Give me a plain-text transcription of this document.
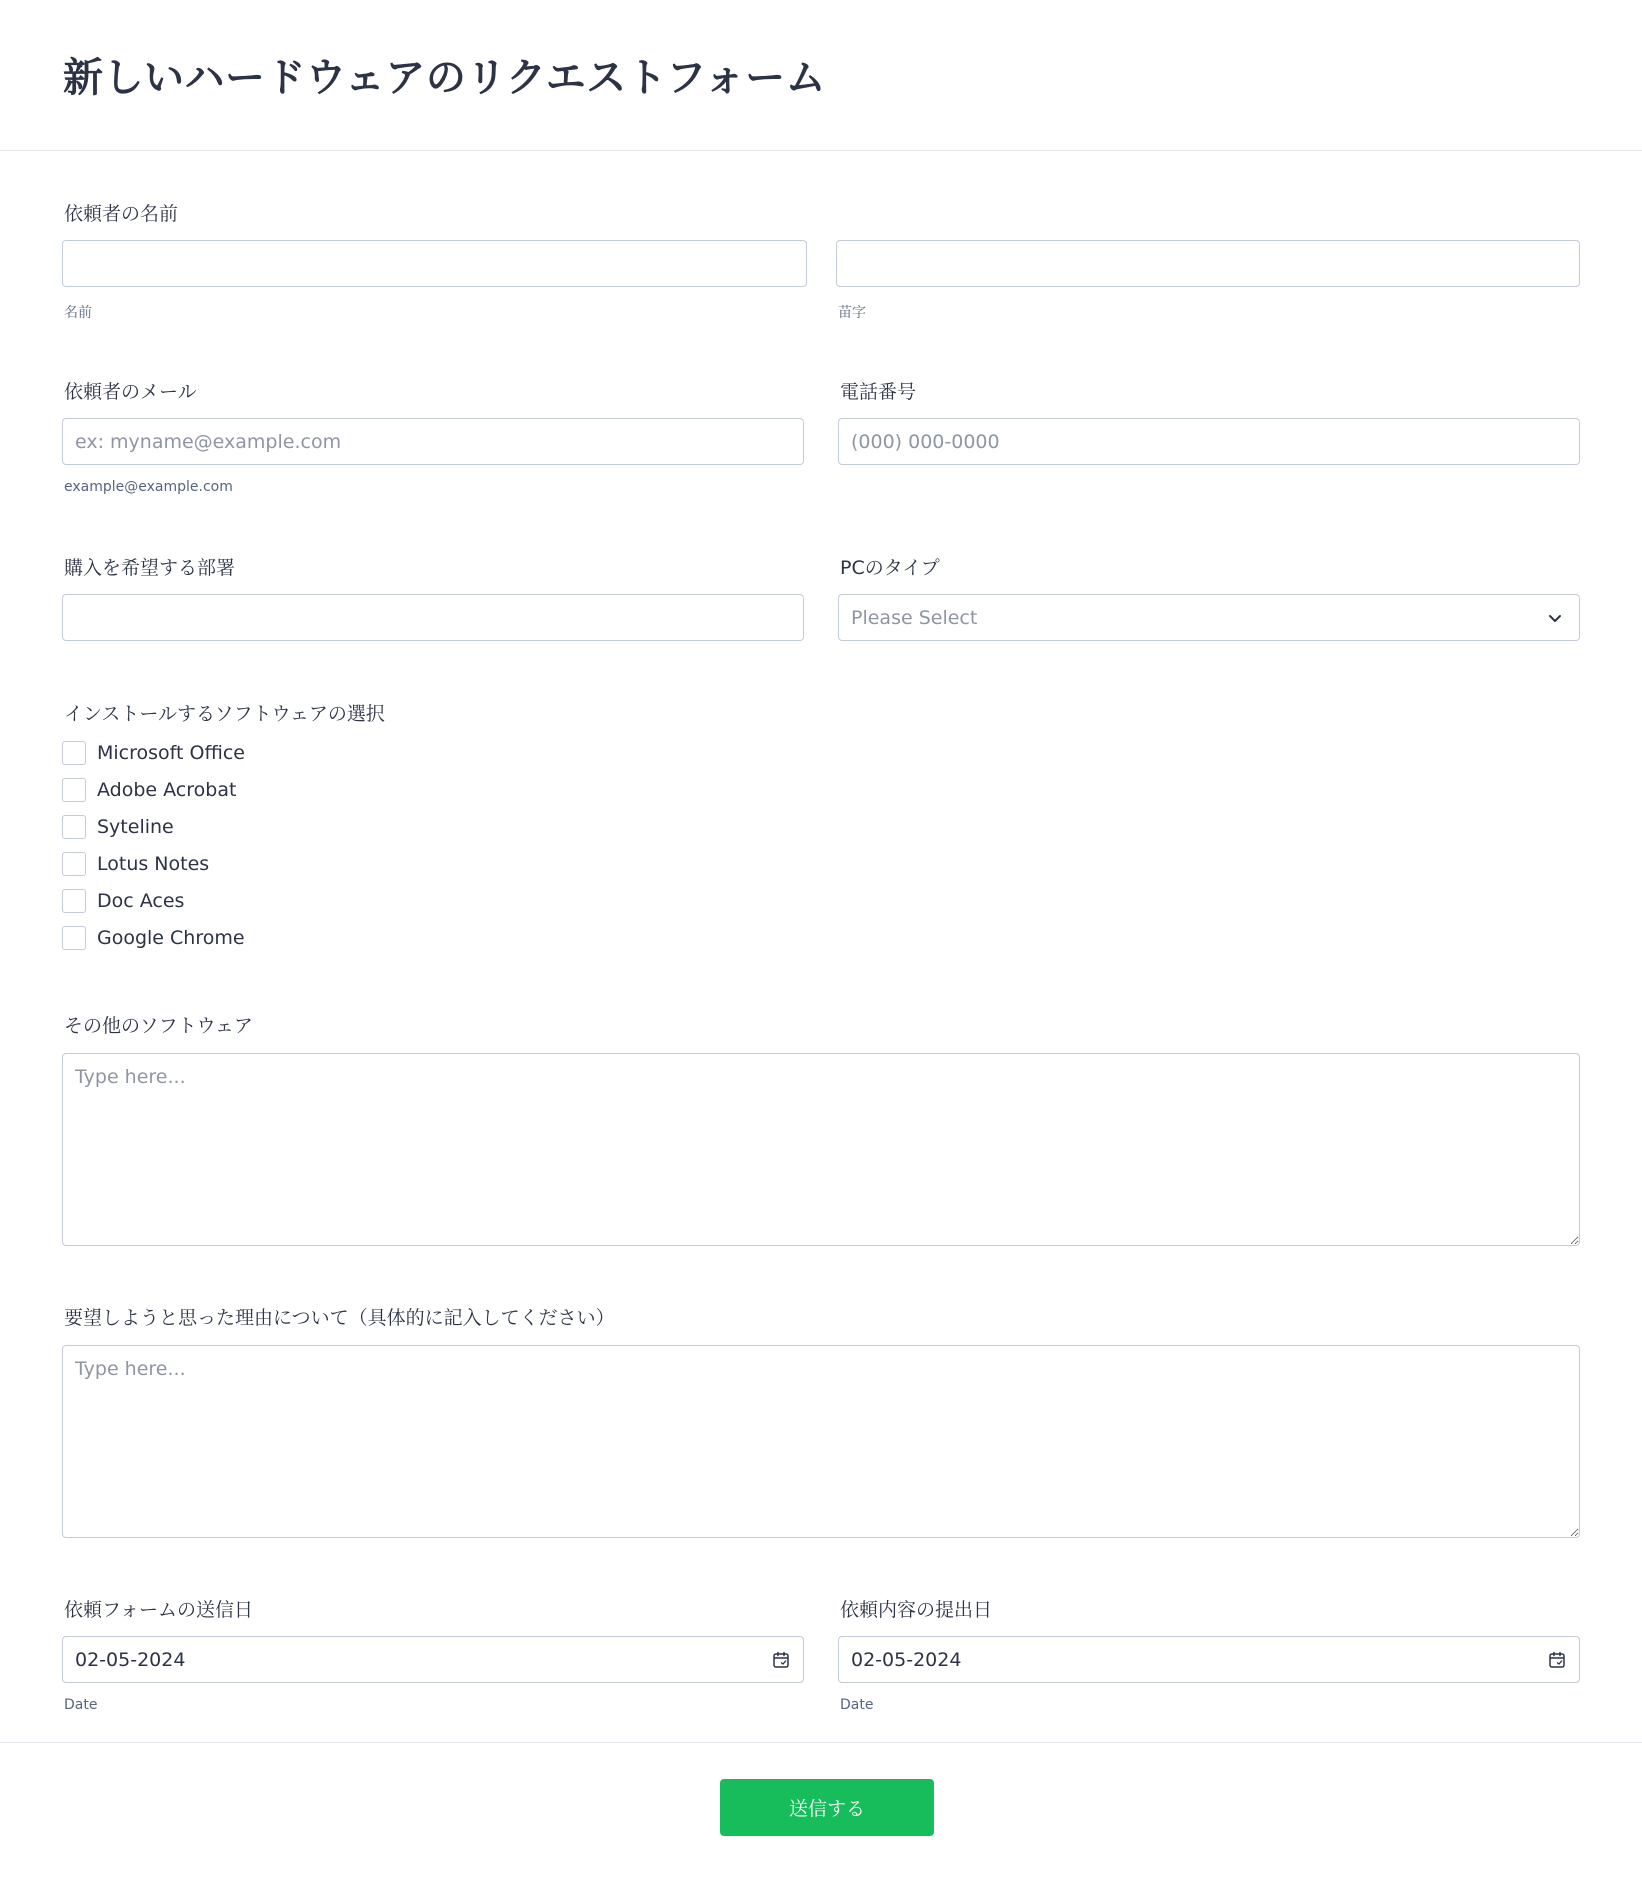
新しいハードウェアのリクエストフォーム
依頼者の名前
名前	苗字
依頼者のメール
ex: myname@example.com
example@example.com
電話番号
(000) 000-0000
購入を希望する部署	PCのタイプ
Please Select
インストールするソフトウェアの選択
Microsoft Office
Adobe Acrobat
Syteline
Lotus Notes
Doc Aces
Google Chrome
その他のソフトウェア
Type here...
要望しようと思った理由について（具体的に記入してください）
Type here...
依頼フォームの送信日
02-05-2024
Date
依頼内容の提出日
02-05-2024
Date
送信する
